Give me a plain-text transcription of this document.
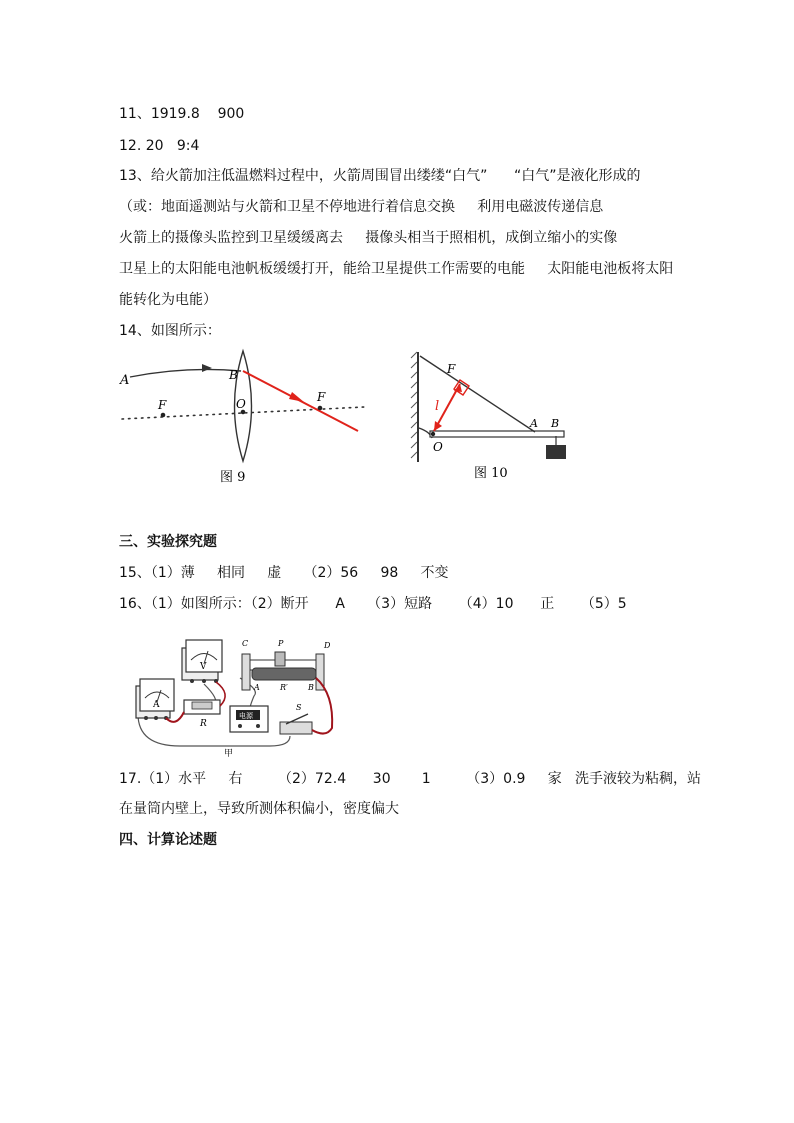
11、1919.8    900
12. 20   9:4
13、给火箭加注低温燃料过程中，火箭周围冒出缕缕“白气”      “白气”是液化形成的
（或：地面遥测站与火箭和卫星不停地进行着信息交换     利用电磁波传递信息
火箭上的摄像头监控到卫星缓缓离去     摄像头相当于照相机，成倒立缩小的实像
卫星上的太阳能电池帆板缓缓打开，能给卫星提供工作需要的电能     太阳能电池板将太阳
能转化为电能）
14、如图所示：
A	B
O
F
F
图 9
F
l
O
A B
图 10
三、实验探究题
15、（1）薄     相同     虚     （2）56     98     不变
16、（1）如图所示：（2）断开      A     （3）短路      （4）10      正      （5）5
A
V
R
C	P	D
A	R′	B
电源
S
甲
17.（1）水平     右        （2）72.4      30       1        （3）0.9     家   洗手液较为粘稠，站
在量筒内壁上，导致所测体积偏小，密度偏大
四、计算论述题
